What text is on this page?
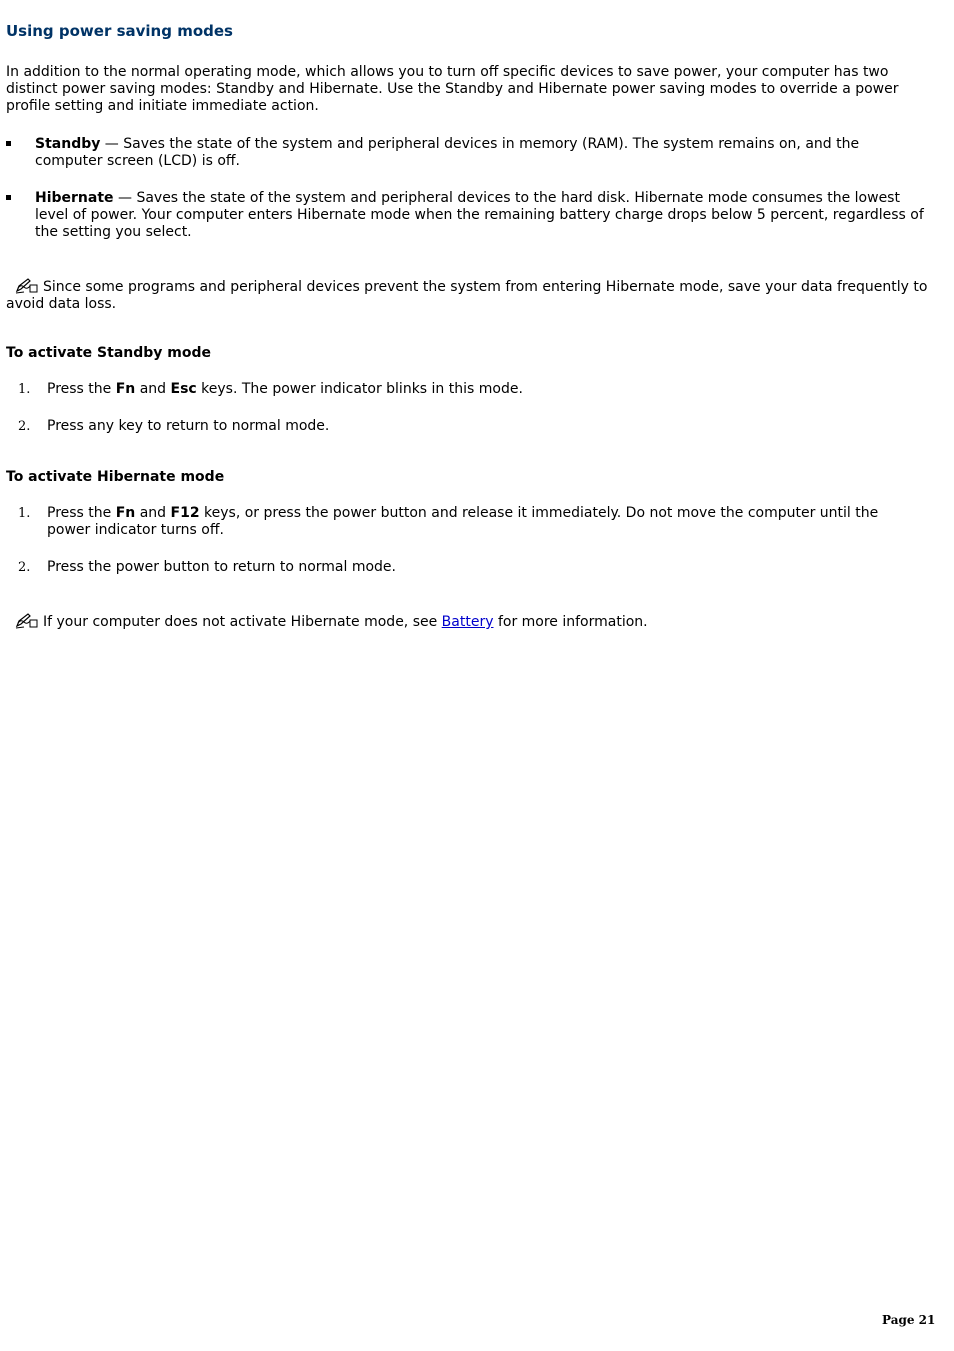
Using power saving modes

In addition to the normal operating mode, which allows you to turn off specific devices to save power, your computer has two distinct power saving modes: Standby and Hibernate. Use the Standby and Hibernate power saving modes to override a power profile setting and initiate immediate action.

Standby — Saves the state of the system and peripheral devices in memory (RAM). The system remains on, and the computer screen (LCD) is off.
Hibernate — Saves the state of the system and peripheral devices to the hard disk. Hibernate mode consumes the lowest level of power. Your computer enters Hibernate mode when the remaining battery charge drops below 5 percent, regardless of the setting you select.
Since some programs and peripheral devices prevent the system from entering Hibernate mode, save your data frequently to avoid data loss.
To activate Standby mode
1. Press the Fn and Esc keys. The power indicator blinks in this mode.
2. Press any key to return to normal mode.
To activate Hibernate mode
1. Press the Fn and F12 keys, or press the power button and release it immediately. Do not move the computer until the power indicator turns off.
2. Press the power button to return to normal mode.
If your computer does not activate Hibernate mode, see Battery for more information.
Page 21
